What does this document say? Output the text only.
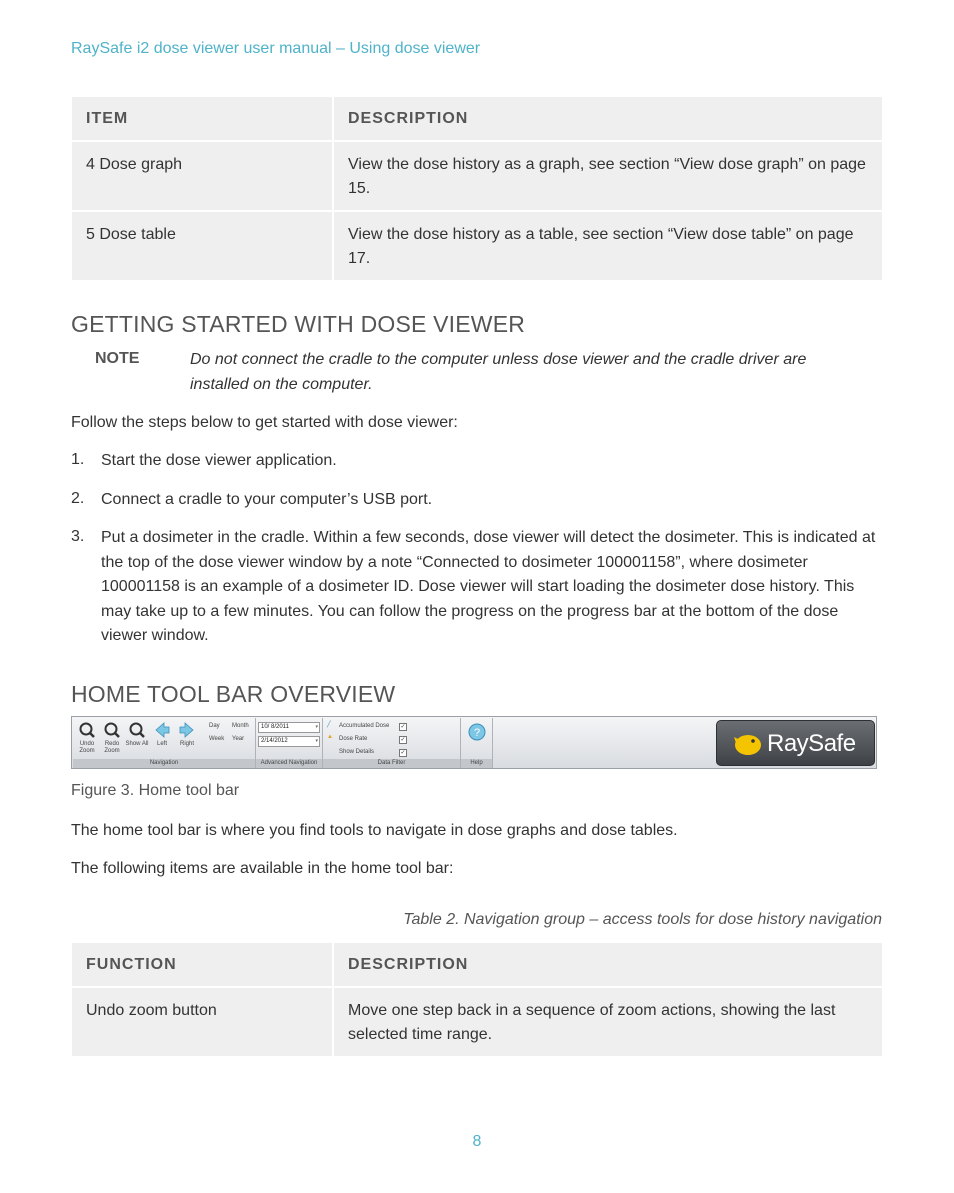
RaySafe i2 dose viewer user manual – Using dose viewer
ITEM	DESCRIPTION
4 Dose graph	View the dose history as a graph, see section “View dose graph” on page 15.
5 Dose table	View the dose history as a table, see section “View dose table” on page 17.
GETTING STARTED WITH DOSE VIEWER
NOTE	Do not connect the cradle to the computer unless dose viewer and the cradle driver are installed on the computer.
Follow the steps below to get started with dose viewer:
1. Start the dose viewer application.
2. Connect a cradle to your computer’s USB port.
3. Put a dosimeter in the cradle. Within a few seconds, dose viewer will detect the dosimeter. This is indicated at the top of the dose viewer window by a note “Connected to dosimeter 100001158”, where dosimeter 100001158 is an example of a dosimeter ID. Dose viewer will start loading the dosimeter dose history. This may take up to a few minutes. You can follow the progress on the progress bar at the bottom of the dose viewer window.
HOME TOOL BAR OVERVIEW
Undo Zoom
Redo Zoom
Show All	Left	Right
Day Month
Week Year
Navigation
10/ 8/2011	▾
2/14/2012	▾
Advanced Navigation
╱ Accumulated Dose ✓
▲ Dose Rate	✓
Show Details	✓
Data Filter
?
Help
RaySafe
Figure 3. Home tool bar
The home tool bar is where you find tools to navigate in dose graphs and dose tables.
The following items are available in the home tool bar:
Table 2. Navigation group – access tools for dose history navigation
FUNCTION	DESCRIPTION
Undo zoom button	Move one step back in a sequence of zoom actions, showing the last selected time range.
8
